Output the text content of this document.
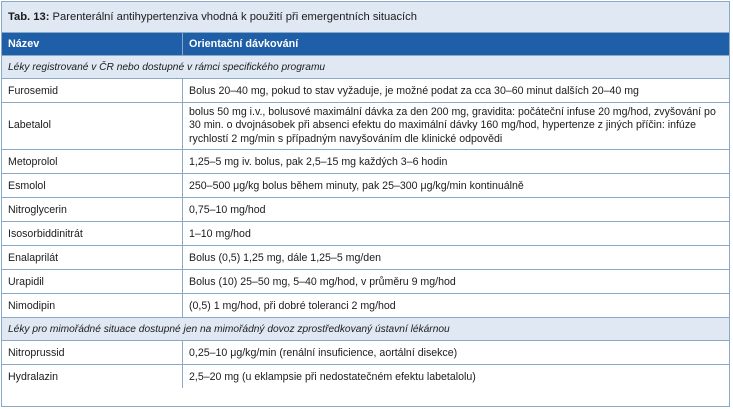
Tab. 13: Parenterální antihypertenziva vhodná k použití při emergentních situacích
Název	Orientační dávkování
Léky registrované v ČR nebo dostupné v rámci specifického programu	
Furosemid	Bolus 20–40 mg, pokud to stav vyžaduje, je možné podat za cca 30–60 minut dalších 20–40 mg
Labetalol	bolus 50 mg i.v., bolusové maximální dávka za den 200 mg, gravidita: počáteční infuse 20 mg/hod, zvyšování po 30 min. o dvojnásobek při absenci efektu do maximální dávky 160 mg/hod, hypertenze z jiných příčin: infúze rychlostí 2 mg/min s případným navyšováním dle klinické odpovědi
Metoprolol	1,25–5 mg iv. bolus, pak 2,5–15 mg každých 3–6 hodin
Esmolol	250–500 μg/kg bolus během minuty, pak 25–300 μg/kg/min kontinuálně
Nitroglycerin	0,75–10 mg/hod
Isosorbiddinitrát	1–10 mg/hod
Enalaprilát	Bolus (0,5) 1,25 mg, dále 1,25–5 mg/den
Urapidil	Bolus (10) 25–50 mg, 5–40 mg/hod, v průměru 9 mg/hod
Nimodipin	(0,5) 1 mg/hod, při dobré toleranci 2 mg/hod
Léky pro mimořádné situace dostupné jen na mimořádný dovoz zprostředkovaný ústavní lékárnou	
Nitroprussid	0,25–10 μg/kg/min (renální insuficience, aortální disekce)
Hydralazin	2,5–20 mg (u eklampsie při nedostatečném efektu labetalolu)
